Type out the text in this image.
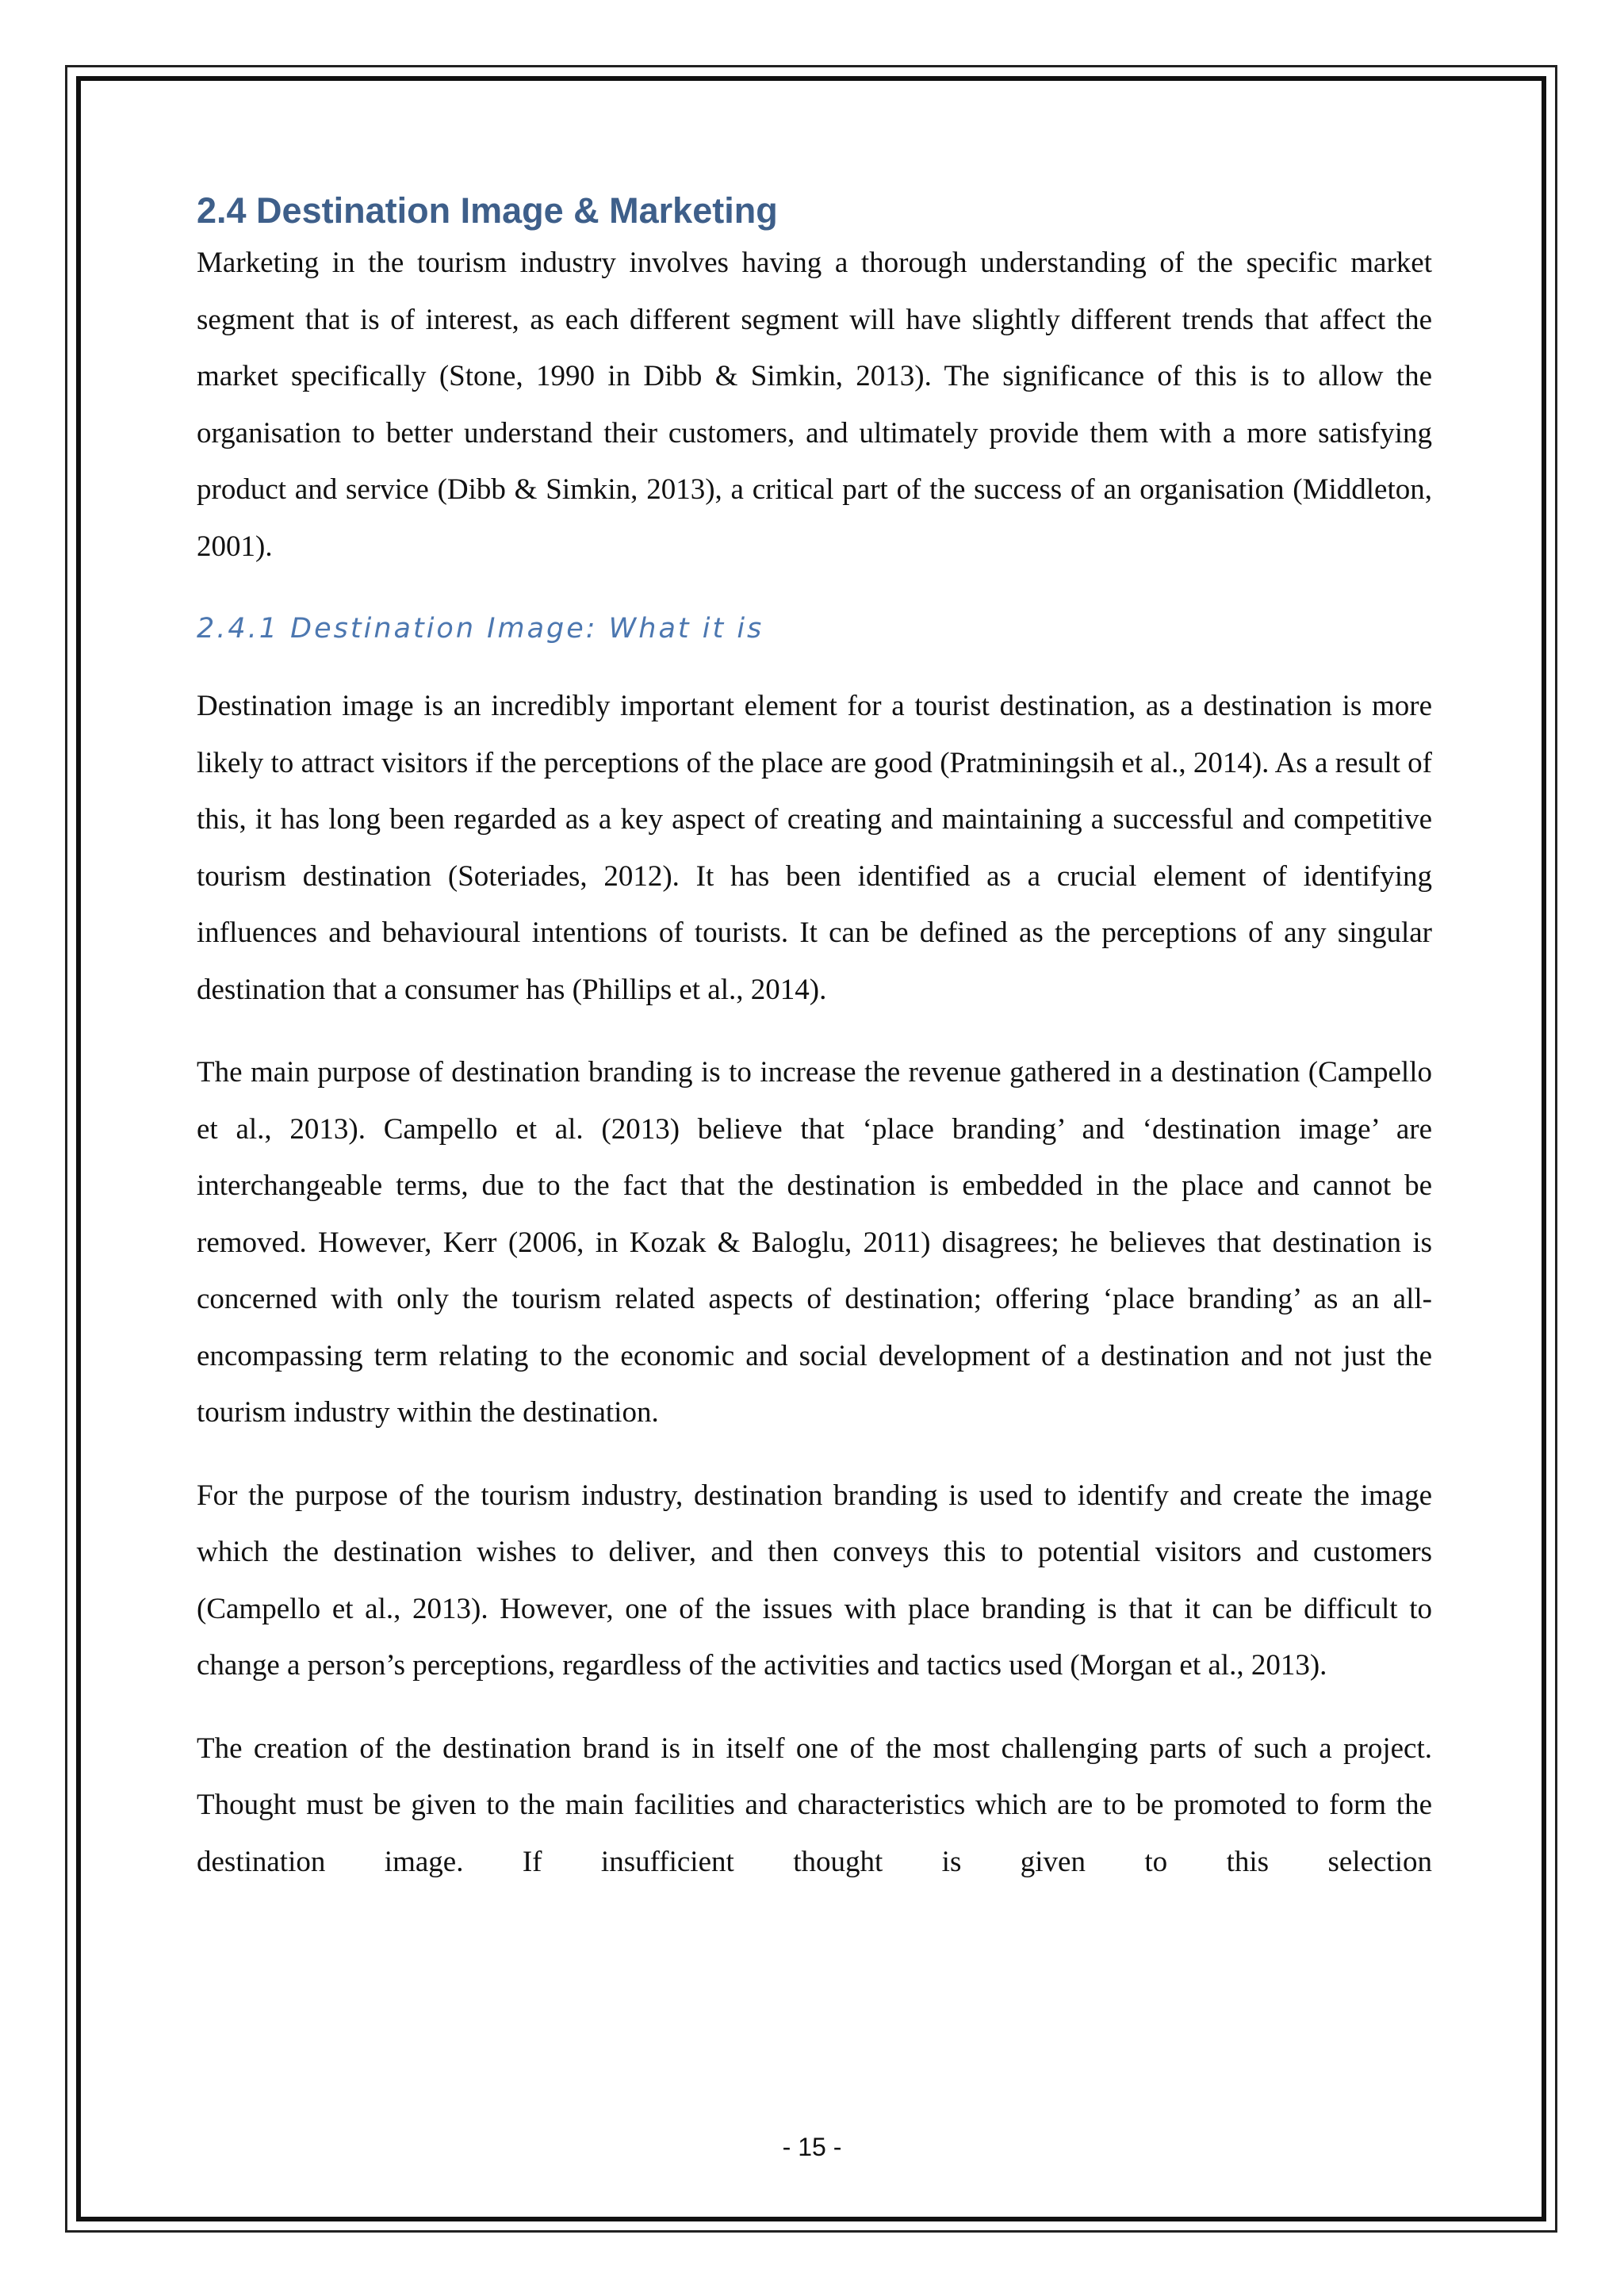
2.4 Destination Image & Marketing

Marketing in the tourism industry involves having a thorough understanding of the specific market segment that is of interest, as each different segment will have slightly different trends that affect the market specifically (Stone, 1990 in Dibb & Simkin, 2013). The significance of this is to allow the organisation to better understand their customers, and ultimately provide them with a more satisfying product and service (Dibb & Simkin, 2013), a critical part of the success of an organisation (Middleton, 2001).

2.4.1 Destination Image: What it is

Destination image is an incredibly important element for a tourist destination, as a destination is more likely to attract visitors if the perceptions of the place are good (Pratminingsih et al., 2014). As a result of this, it has long been regarded as a key aspect of creating and maintaining a successful and competitive tourism destination (Soteriades, 2012). It has been identified as a crucial element of identifying influences and behavioural intentions of tourists. It can be defined as the perceptions of any singular destination that a consumer has (Phillips et al., 2014).

The main purpose of destination branding is to increase the revenue gathered in a destination (Campello et al., 2013). Campello et al. (2013) believe that ‘place branding’ and ‘destination image’ are interchangeable terms, due to the fact that the destination is embedded in the place and cannot be removed. However, Kerr (2006, in Kozak & Baloglu, 2011) disagrees; he believes that destination is concerned with only the tourism related aspects of destination; offering ‘place branding’ as an all-encompassing term relating to the economic and social development of a destination and not just the tourism industry within the destination.

For the purpose of the tourism industry, destination branding is used to identify and create the image which the destination wishes to deliver, and then conveys this to potential visitors and customers (Campello et al., 2013). However, one of the issues with place branding is that it can be difficult to change a person’s perceptions, regardless of the activities and tactics used (Morgan et al., 2013).

The creation of the destination brand is in itself one of the most challenging parts of such a project. Thought must be given to the main facilities and characteristics which are to be promoted to form the destination image. If insufficient thought is given to this selection

- 15 -
